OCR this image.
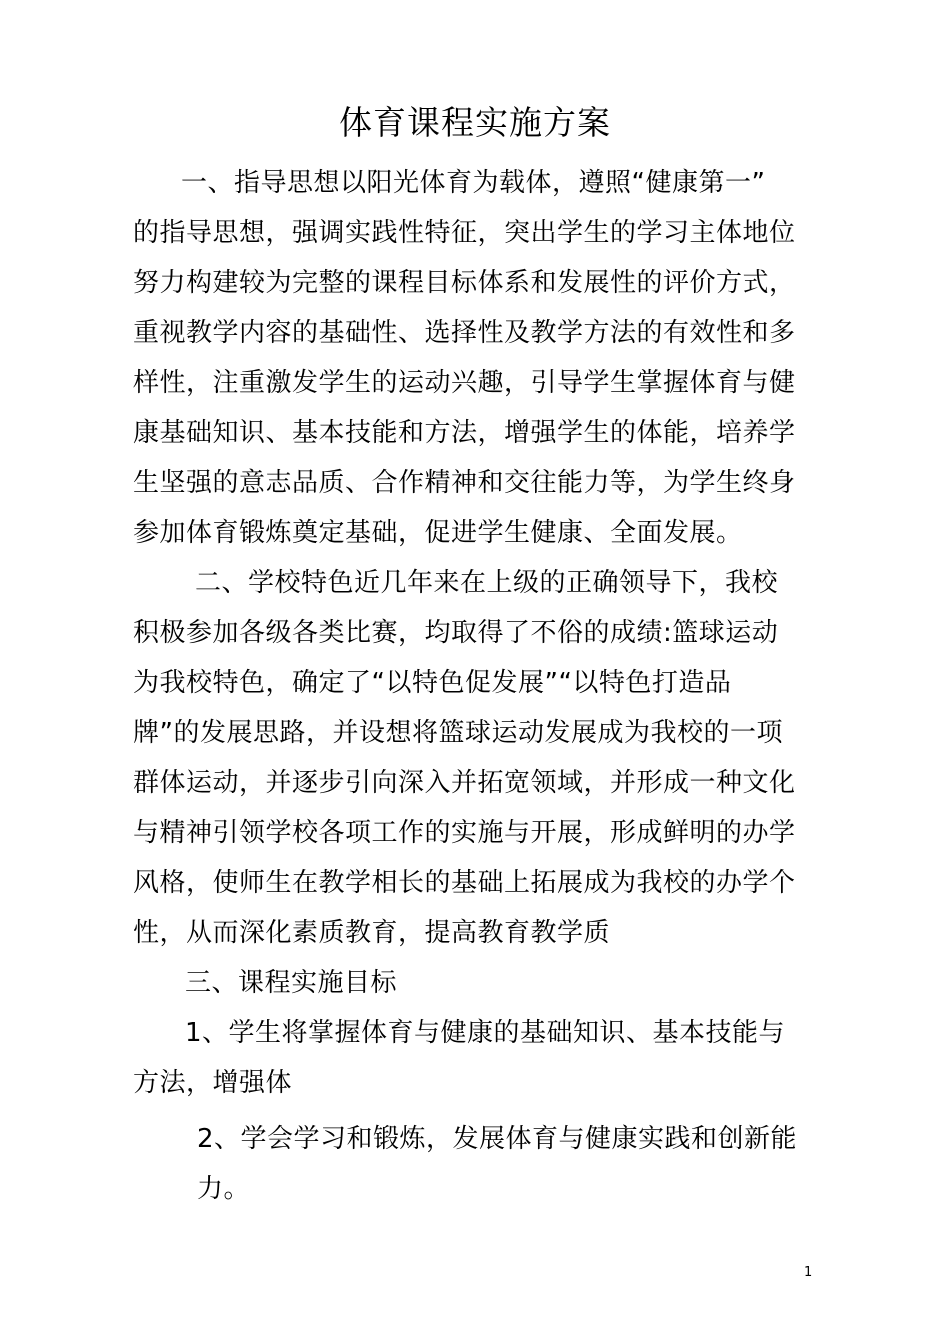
体育课程实施方案

一、指导思想以阳光体育为载体，遵照“健康第一”

的指导思想，强调实践性特征，突出学生的学习主体地位

努力构建较为完整的课程目标体系和发展性的评价方式，

重视教学内容的基础性、选择性及教学方法的有效性和多

样性，注重激发学生的运动兴趣，引导学生掌握体育与健

康基础知识、基本技能和方法，增强学生的体能，培养学

生坚强的意志品质、合作精神和交往能力等，为学生终身

参加体育锻炼奠定基础，促进学生健康、全面发展。

二、学校特色近几年来在上级的正确领导下，我校

积极参加各级各类比赛，均取得了不俗的成绩:篮球运动

为我校特色，确定了“以特色促发展”“以特色打造品

牌”的发展思路，并设想将篮球运动发展成为我校的一项

群体运动，并逐步引向深入并拓宽领域，并形成一种文化

与精神引领学校各项工作的实施与开展，形成鲜明的办学

风格，使师生在教学相长的基础上拓展成为我校的办学个

性，从而深化素质教育，提高教育教学质

三、课程实施目标

1、学生将掌握体育与健康的基础知识、基本技能与

方法，增强体

2、学会学习和锻炼，发展体育与健康实践和创新能

力。

1
